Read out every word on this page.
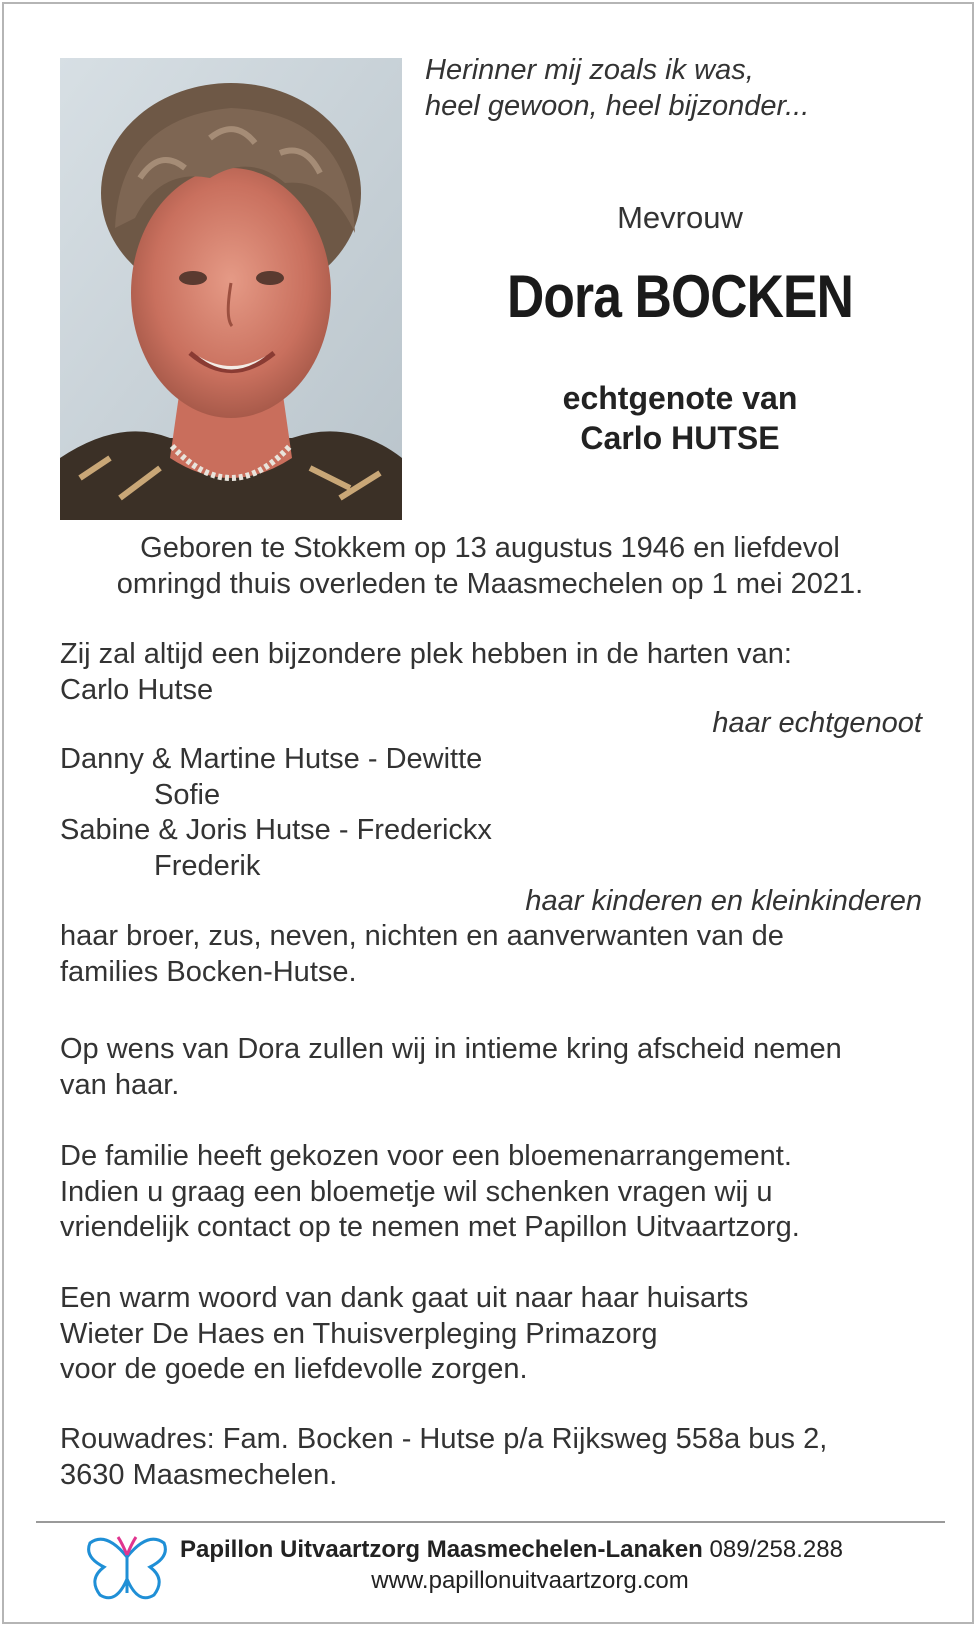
Herinner mij zoals ik was,
heel gewoon, heel bijzonder...
Mevrouw
Dora BOCKEN
echtgenote van
Carlo HUTSE
Geboren te Stokkem op 13 augustus 1946 en liefdevol
omringd thuis overleden te Maasmechelen op 1 mei 2021.
Zij zal altijd een bijzondere plek hebben in de harten van:
Carlo Hutse
haar echtgenoot
Danny & Martine Hutse - Dewitte
Sofie
Sabine & Joris Hutse - Frederickx
Frederik
haar kinderen en kleinkinderen
haar broer, zus, neven, nichten en aanverwanten van de
families Bocken-Hutse.
Op wens van Dora zullen wij in intieme kring afscheid nemen
van haar.
De familie heeft gekozen voor een bloemenarrangement.
Indien u graag een bloemetje wil schenken vragen wij u
vriendelijk contact op te nemen met Papillon Uitvaartzorg.
Een warm woord van dank gaat uit naar haar huisarts
Wieter De Haes en Thuisverpleging Primazorg
voor de goede en liefdevolle zorgen.
Rouwadres: Fam. Bocken - Hutse p/a Rijksweg 558a bus 2,
3630 Maasmechelen.
Papillon Uitvaartzorg Maasmechelen-Lanaken 089/258.288
www.papillonuitvaartzorg.com
